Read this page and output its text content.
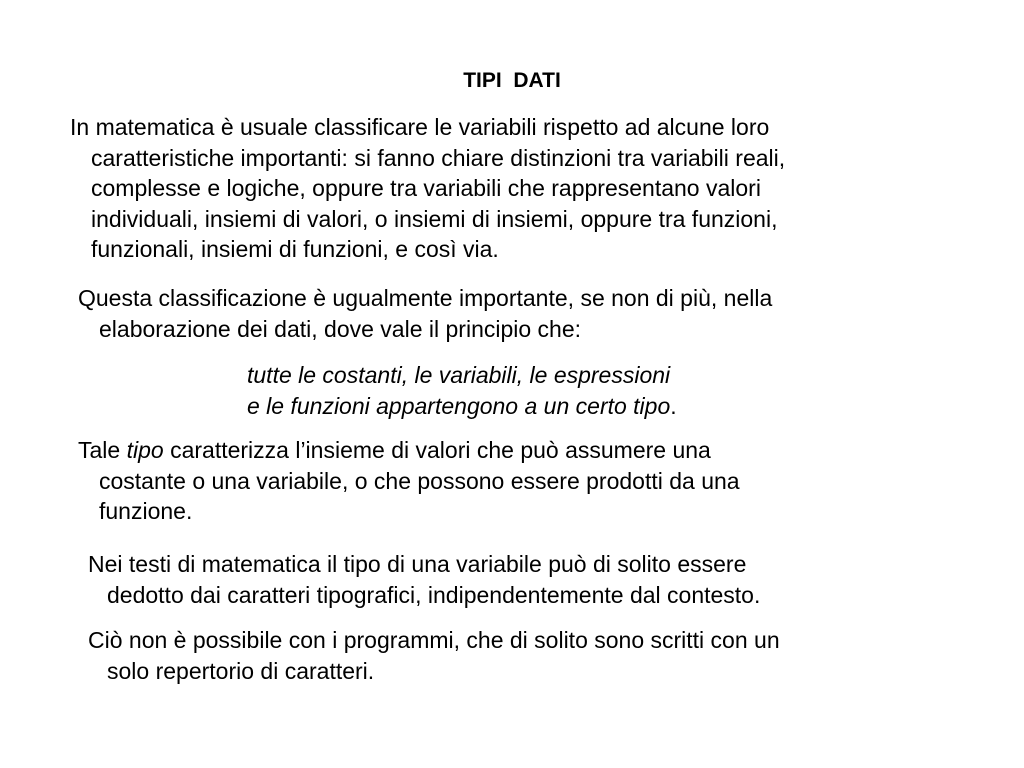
TIPI  DATI
In matematica è usuale classificare le variabili rispetto ad alcune loro
caratteristiche importanti: si fanno chiare distinzioni tra variabili reali,
complesse e logiche, oppure tra variabili che rappresentano valori
individuali, insiemi di valori, o insiemi di insiemi, oppure tra funzioni,
funzionali, insiemi di funzioni, e così via.
Questa classificazione è ugualmente importante, se non di più, nella
elaborazione dei dati, dove vale il principio che:
tutte le costanti, le variabili, le espressioni
e le funzioni appartengono a un certo tipo.
Tale tipo caratterizza l’insieme di valori che può assumere una
costante o una variabile, o che possono essere prodotti da una
funzione.
Nei testi di matematica il tipo di una variabile può di solito essere
dedotto dai caratteri tipografici, indipendentemente dal contesto.
Ciò non è possibile con i programmi, che di solito sono scritti con un
solo repertorio di caratteri.
